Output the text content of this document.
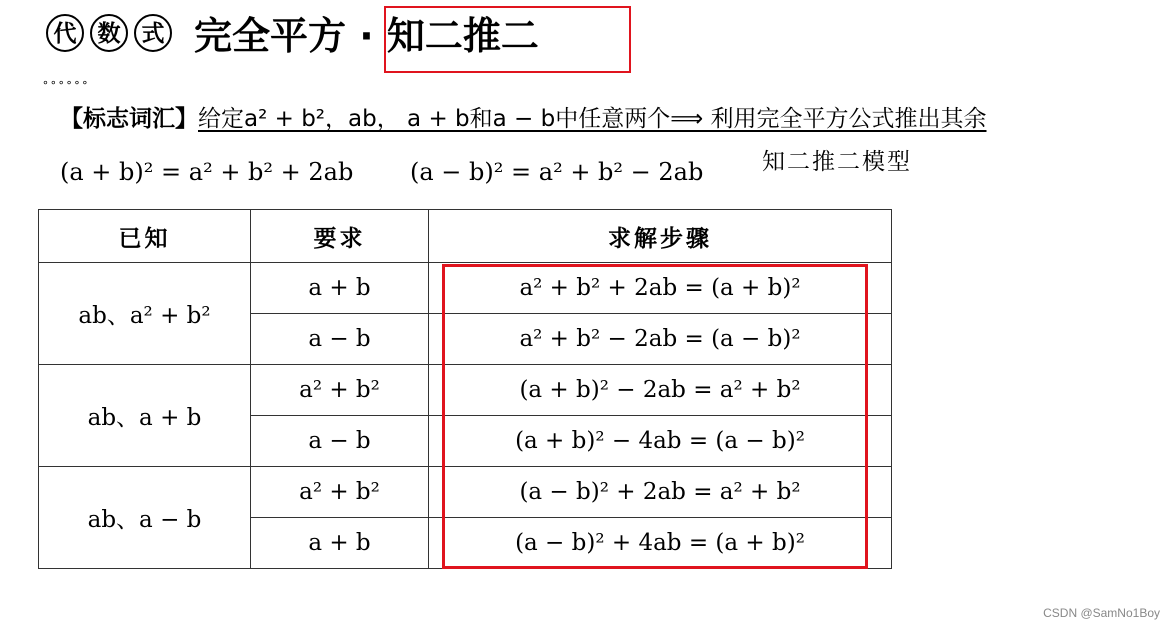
代 数 式 完全平方 · 知二推二
∘∘∘∘∘∘
【标志词汇】给定a² + b²，ab， a + b和a − b中任意两个⟹ 利用完全平方公式推出其余
(a + b)² = a² + b² + 2ab (a − b)² = a² + b² − 2ab	知二推二模型
已知	要求	求解步骤
ab、a² + b²	a + b	a² + b² + 2ab = (a + b)²
	a − b	a² + b² − 2ab = (a − b)²
ab、a + b	a² + b²	(a + b)² − 2ab = a² + b²
	a − b	(a + b)² − 4ab = (a − b)²
ab、a − b	a² + b²	(a − b)² + 2ab = a² + b²
	a + b	(a − b)² + 4ab = (a + b)²
CSDN @SamNo1Boy
